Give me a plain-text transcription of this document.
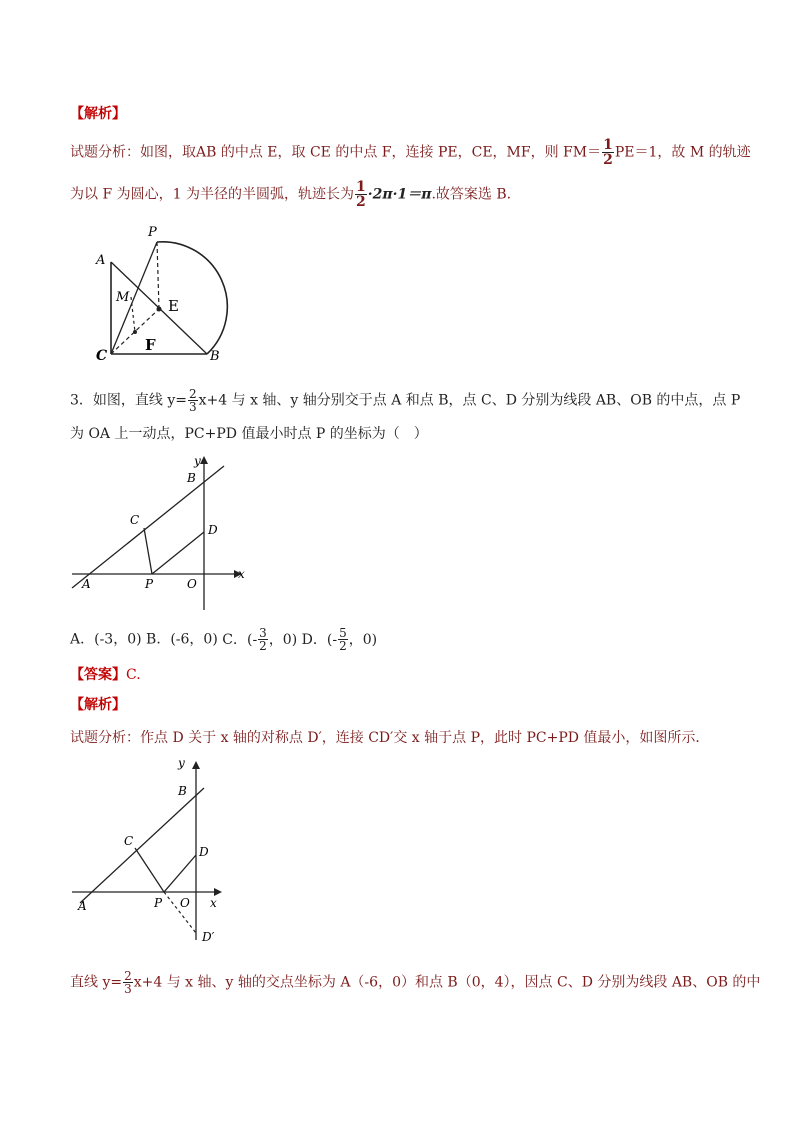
【解析】
试题分析：如图，取AB 的中点 E，取 CE 的中点 F，连接 PE，CE，MF，则 $FM= \frac{1}{2} PE=1$，故 M 的轨迹
为以 F 为圆心，1 为半径的半圆弧，轨迹长为 $\frac{1}{2} \cdot 2\pi\cdot 1=\pi$.故答案选 B.
P
A
M	E
F
C	B
3．如图，直线 $y= \frac{2}{3} x+4$ 与 x 轴、y 轴分别交于点 A 和点 B，点 C、D 分别为线段 AB、OB 的中点，点 P
为 OA 上一动点，PC+PD 值最小时点 P 的坐标为（　）
y
B
C
D
A	P	O
x
A．(-3，0) B．(-6，0) C．(- $\frac{3}{2}$ ，0) D．(- $\frac{5}{2}$ ，0)
【答案】C.
【解析】
试题分析：作点 D 关于 x 轴的对称点 D′，连接 CD′交 x 轴于点 P，此时 PC+PD 值最小，如图所示．
y
B
C
D
A	P O x
D′
直线 $y= \frac{2}{3} x+4$ 与 x 轴、y 轴的交点坐标为 A（-6，0）和点 B（0，4），因点 C、D 分别为线段 AB、OB 的中
